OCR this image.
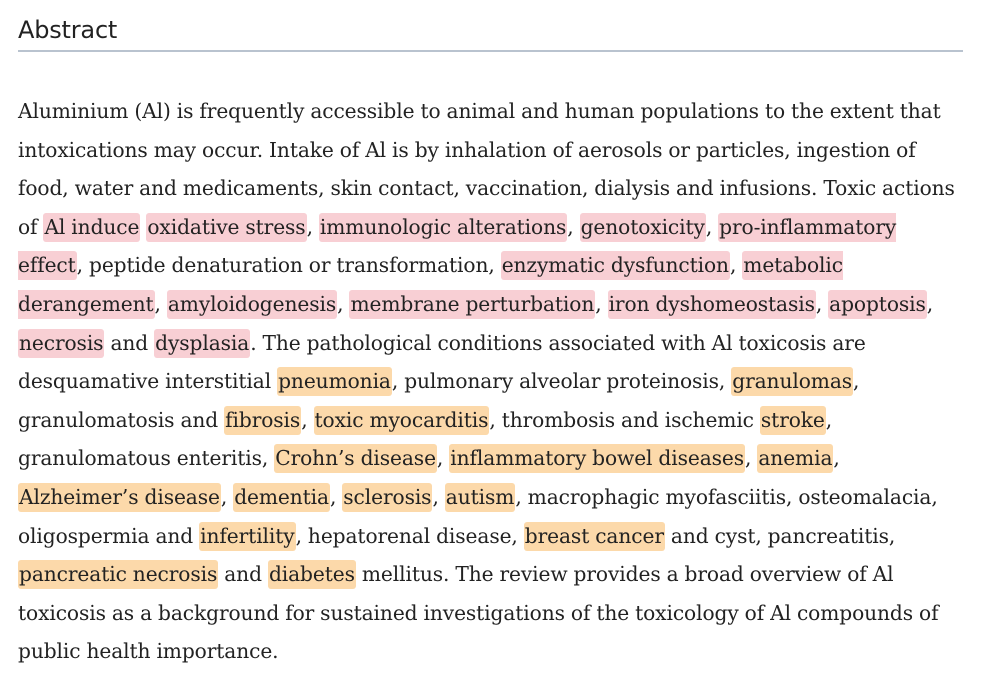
Abstract

Aluminium (Al) is frequently accessible to animal and human populations to the extent that intoxications may occur. Intake of Al is by inhalation of aerosols or particles, ingestion of food, water and medicaments, skin contact, vaccination, dialysis and infusions. Toxic actions of Al induce oxidative stress, immunologic alterations, genotoxicity, pro-inflammatory effect, peptide denaturation or transformation, enzymatic dysfunction, metabolic derangement, amyloidogenesis, membrane perturbation, iron dyshomeostasis, apoptosis, necrosis and dysplasia. The pathological conditions associated with Al toxicosis are desquamative interstitial pneumonia, pulmonary alveolar proteinosis, granulomas, granulomatosis and fibrosis, toxic myocarditis, thrombosis and ischemic stroke, granulomatous enteritis, Crohn’s disease, inflammatory bowel diseases, anemia, Alzheimer’s disease, dementia, sclerosis, autism, macrophagic myofasciitis, osteomalacia, oligospermia and infertility, hepatorenal disease, breast cancer and cyst, pancreatitis, pancreatic necrosis and diabetes mellitus. The review provides a broad overview of Al toxicosis as a background for sustained investigations of the toxicology of Al compounds of public health importance.
